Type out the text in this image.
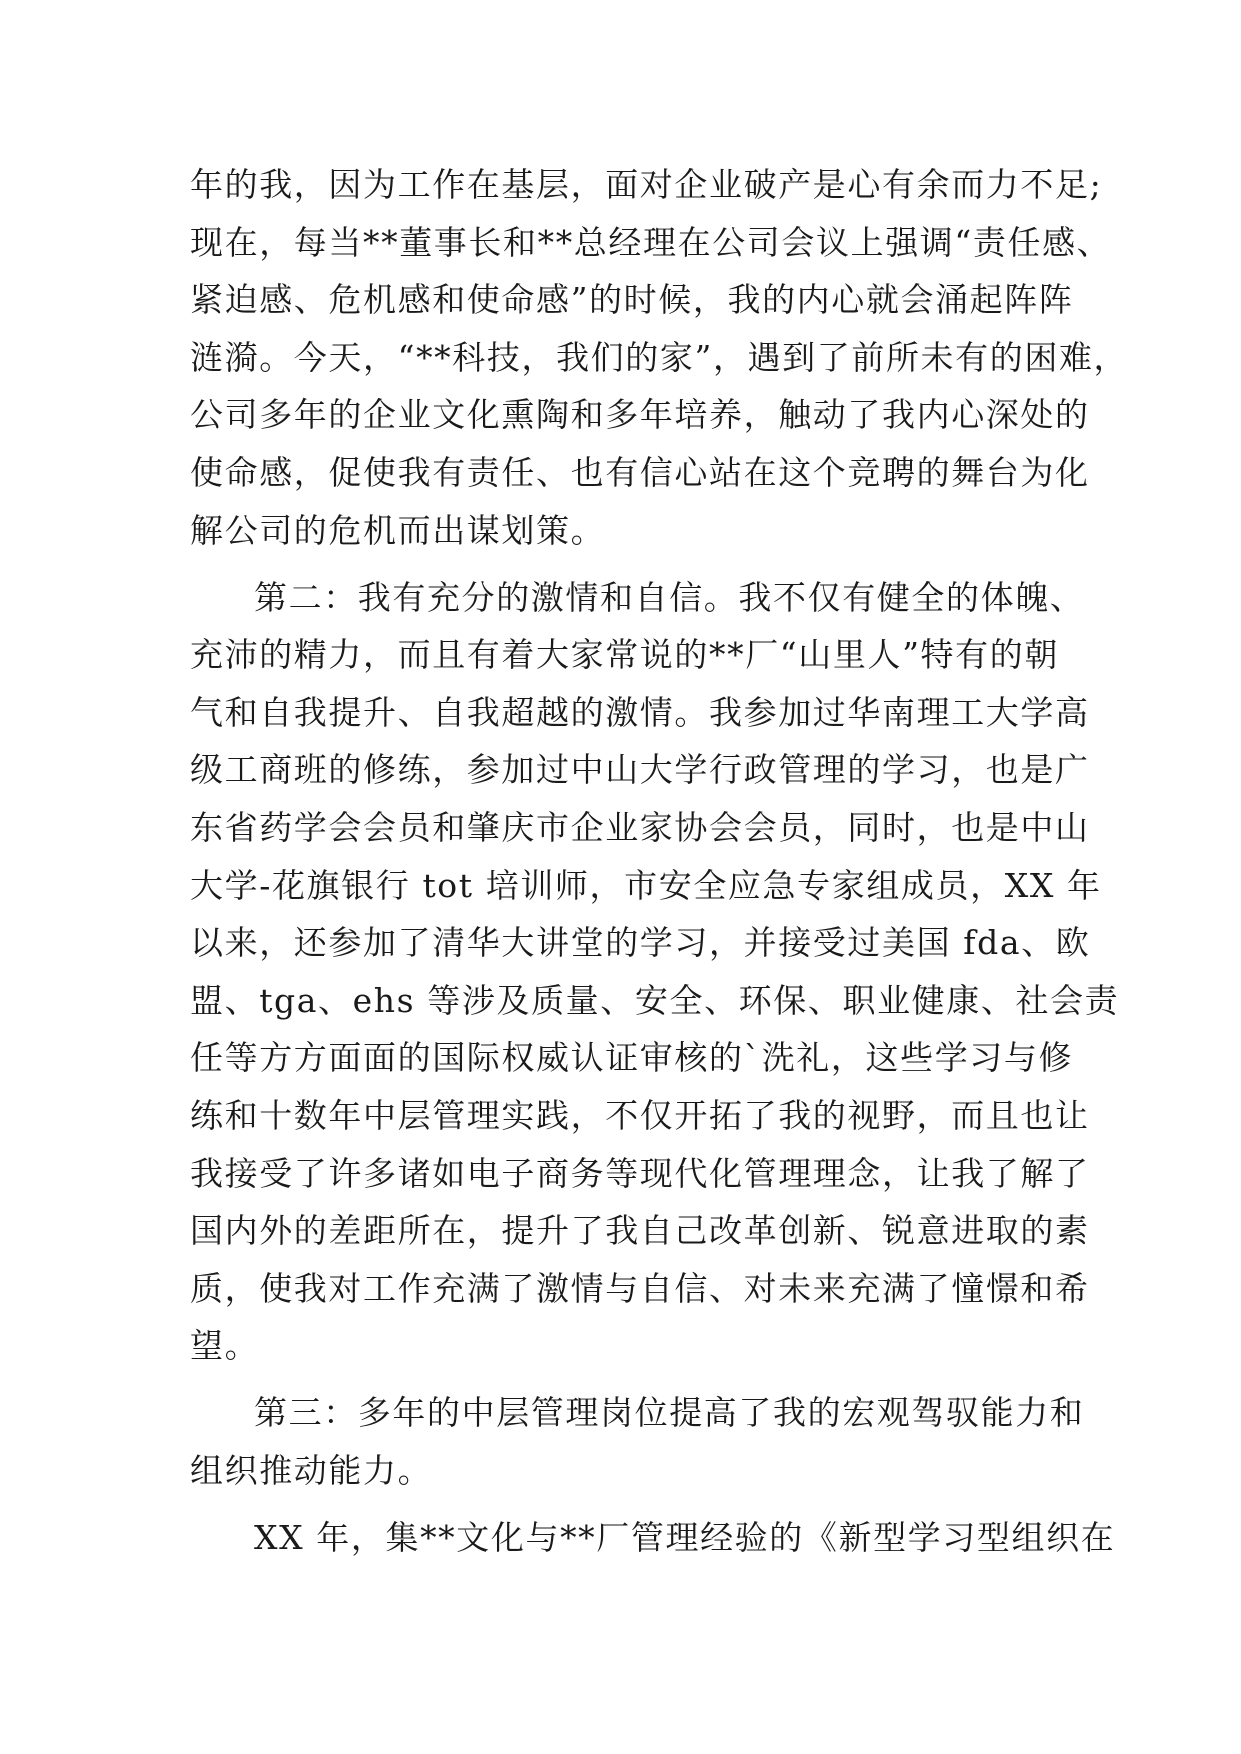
年的我，因为工作在基层，面对企业破产是心有余而力不足;
现在，每当**董事长和**总经理在公司会议上强调“责任感、
紧迫感、危机感和使命感”的时候，我的内心就会涌起阵阵
涟漪。今天，“**科技，我们的家”，遇到了前所未有的困难，
公司多年的企业文化熏陶和多年培养，触动了我内心深处的
使命感，促使我有责任、也有信心站在这个竞聘的舞台为化
解公司的危机而出谋划策。
第二：我有充分的激情和自信。我不仅有健全的体魄、
充沛的精力，而且有着大家常说的**厂“山里人”特有的朝
气和自我提升、自我超越的激情。我参加过华南理工大学高
级工商班的修练，参加过中山大学行政管理的学习，也是广
东省药学会会员和肇庆市企业家协会会员，同时，也是中山
大学-花旗银行 tot 培训师，市安全应急专家组成员，XX 年
以来，还参加了清华大讲堂的学习，并接受过美国 fda、欧
盟、tga、ehs 等涉及质量、安全、环保、职业健康、社会责
任等方方面面的国际权威认证审核的`洗礼，这些学习与修
练和十数年中层管理实践，不仅开拓了我的视野，而且也让
我接受了许多诸如电子商务等现代化管理理念，让我了解了
国内外的差距所在，提升了我自己改革创新、锐意进取的素
质，使我对工作充满了激情与自信、对未来充满了憧憬和希
望。
第三：多年的中层管理岗位提高了我的宏观驾驭能力和
组织推动能力。
XX 年，集**文化与**厂管理经验的《新型学习型组织在
